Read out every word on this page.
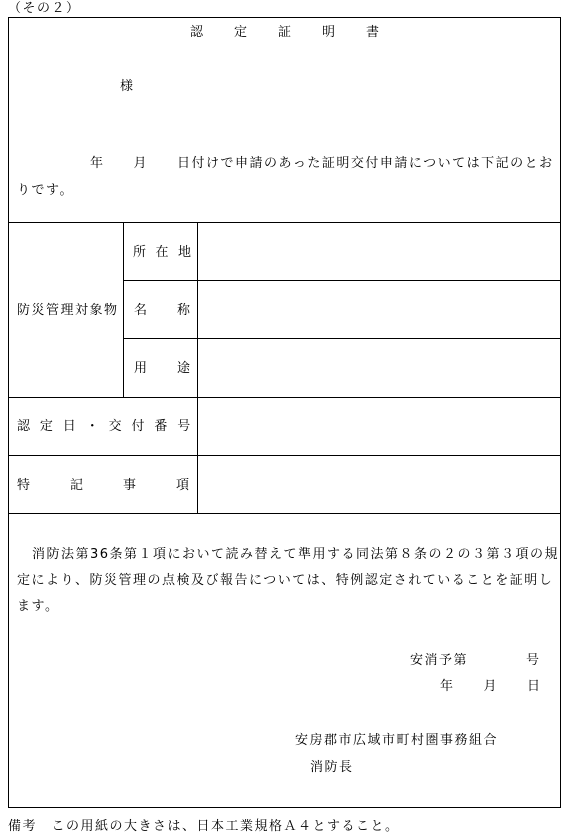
（その２）
認定証明書
様
年　　月　　日付けで申請のあった証明交付申請については下記のとお
りです。
防災管理対象物
所在地
名称
用途
認定日・交付番号
特記事項
消防法第36条第１項において読み替えて準用する同法第８条の２の３第３項の規
定により、防災管理の点検及び報告については、特例認定されていることを証明し
ます。
安消予第　　　　号
年　　月　　日
安房郡市広域市町村圏事務組合
消防長
備考　この用紙の大きさは、日本工業規格Ａ４とすること。
